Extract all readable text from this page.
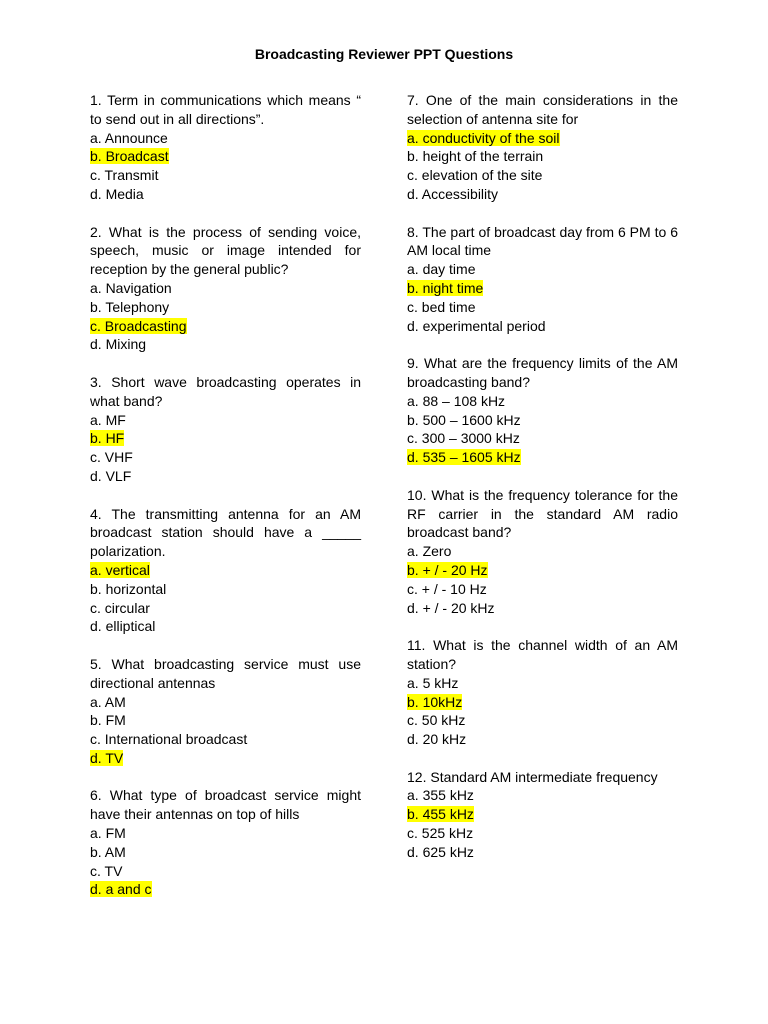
Broadcasting Reviewer PPT Questions
1. Term in communications which means “ to send out in all directions”.
a. Announce
b. Broadcast
c. Transmit
d. Media
2. What is the process of sending voice, speech, music or image intended for reception by the general public?
a. Navigation
b. Telephony
c. Broadcasting
d. Mixing
3. Short wave broadcasting operates in what band?
a. MF
b. HF
c. VHF
d. VLF
4. The transmitting antenna for an AM broadcast station should have a _____ polarization.
a. vertical
b. horizontal
c. circular
d. elliptical
5. What broadcasting service must use directional antennas
a. AM
b. FM
c. International broadcast
d. TV
6. What type of broadcast service might have their antennas on top of hills
a. FM
b. AM
c. TV
d. a and c
7. One of the main considerations in the selection of antenna site for
a. conductivity of the soil
b. height of the terrain
c. elevation of the site
d. Accessibility
8. The part of broadcast day from 6 PM to 6 AM local time
a. day time
b. night time
c. bed time
d. experimental period
9. What are the frequency limits of the AM broadcasting band?
a. 88 – 108 kHz
b. 500 – 1600 kHz
c. 300 – 3000 kHz
d. 535 – 1605 kHz
10. What is the frequency tolerance for the RF carrier in the standard AM radio broadcast band?
a. Zero
b. + / - 20 Hz
c. + / - 10 Hz
d. + / - 20 kHz
11. What is the channel width of an AM station?
a. 5 kHz
b. 10kHz
c. 50 kHz
d. 20 kHz
12. Standard AM intermediate frequency
a. 355 kHz
b. 455 kHz
c. 525 kHz
d. 625 kHz
